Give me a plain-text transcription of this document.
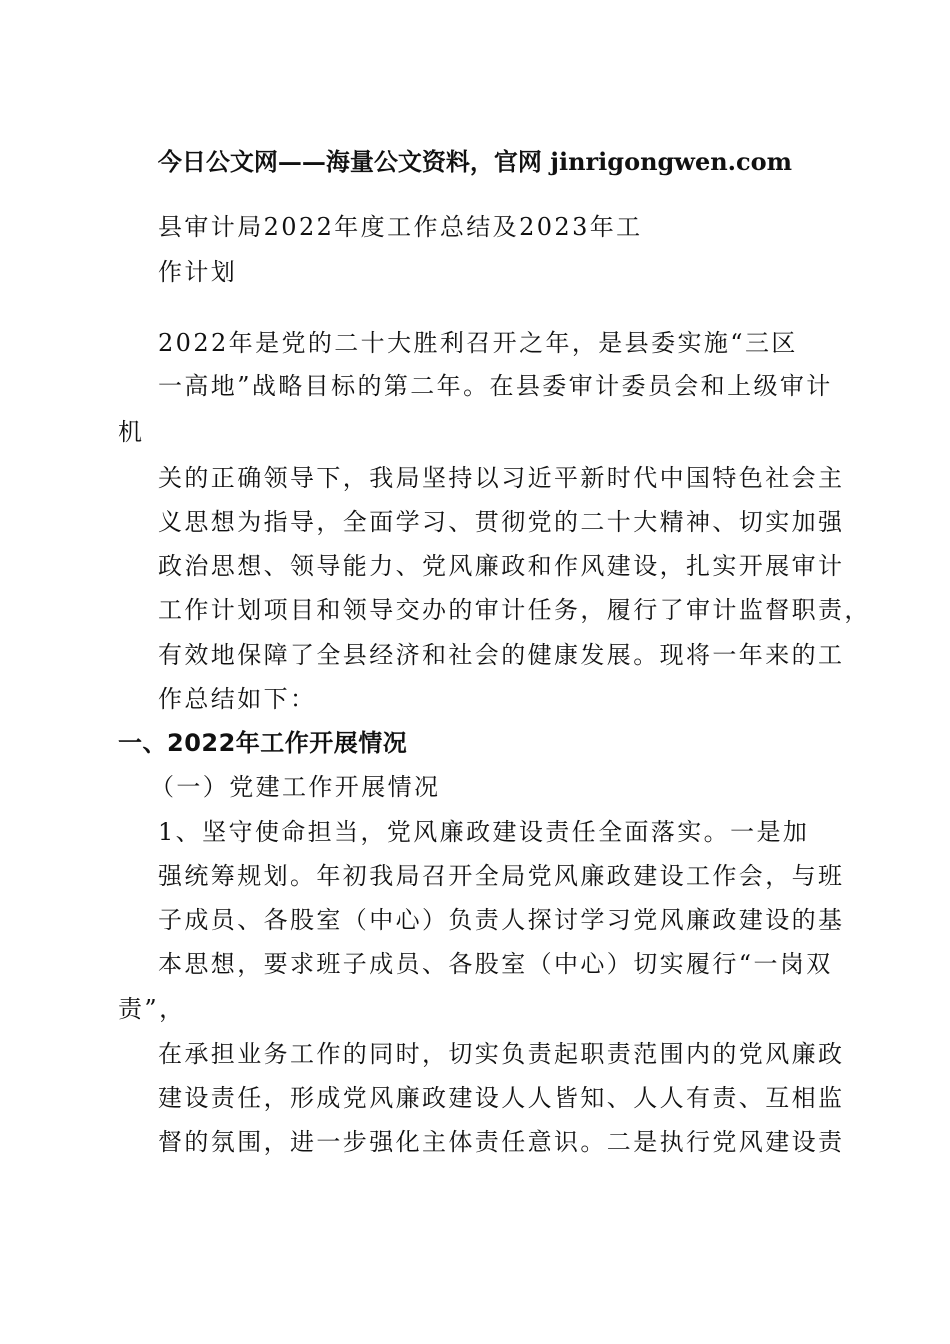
今日公文网——海量公文资料，官网 jinrigongwen.com
县审计局2022年度工作总结及2023年工
作计划
2022年是党的二十大胜利召开之年，是县委实施“三区
一高地”战略目标的第二年。在县委审计委员会和上级审计
机
关的正确领导下，我局坚持以习近平新时代中国特色社会主
义思想为指导，全面学习、贯彻党的二十大精神、切实加强
政治思想、领导能力、党风廉政和作风建设，扎实开展审计
工作计划项目和领导交办的审计任务，履行了审计监督职责，
有效地保障了全县经济和社会的健康发展。现将一年来的工
作总结如下：
一、2022年工作开展情况
（一）党建工作开展情况
1、坚守使命担当，党风廉政建设责任全面落实。一是加
强统筹规划。年初我局召开全局党风廉政建设工作会，与班
子成员、各股室（中心）负责人探讨学习党风廉政建设的基
本思想，要求班子成员、各股室（中心）切实履行“一岗双
责”，
在承担业务工作的同时，切实负责起职责范围内的党风廉政
建设责任，形成党风廉政建设人人皆知、人人有责、互相监
督的氛围，进一步强化主体责任意识。二是执行党风建设责
